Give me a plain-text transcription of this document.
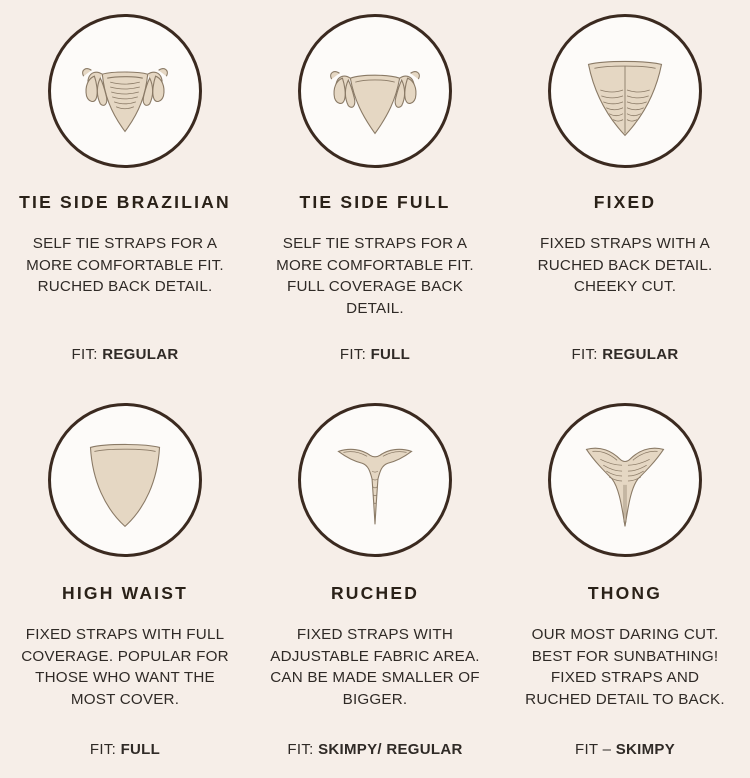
TIE SIDE BRAZILIAN
SELF TIE STRAPS FOR A MORE COMFORTABLE FIT. RUCHED BACK DETAIL.
FIT: REGULAR
TIE SIDE FULL
SELF TIE STRAPS FOR A MORE COMFORTABLE FIT. FULL COVERAGE BACK DETAIL.
FIT: FULL
FIXED
FIXED STRAPS WITH A RUCHED BACK DETAIL. CHEEKY CUT.
FIT: REGULAR
HIGH WAIST
FIXED STRAPS WITH FULL COVERAGE. POPULAR FOR THOSE WHO WANT THE MOST COVER.
FIT: FULL
RUCHED
FIXED STRAPS WITH ADJUSTABLE FABRIC AREA. CAN BE MADE SMALLER OF BIGGER.
FIT: SKIMPY/ REGULAR
THONG
OUR MOST DARING CUT. BEST FOR SUNBATHING! FIXED STRAPS AND RUCHED DETAIL TO BACK.
FIT – SKIMPY
